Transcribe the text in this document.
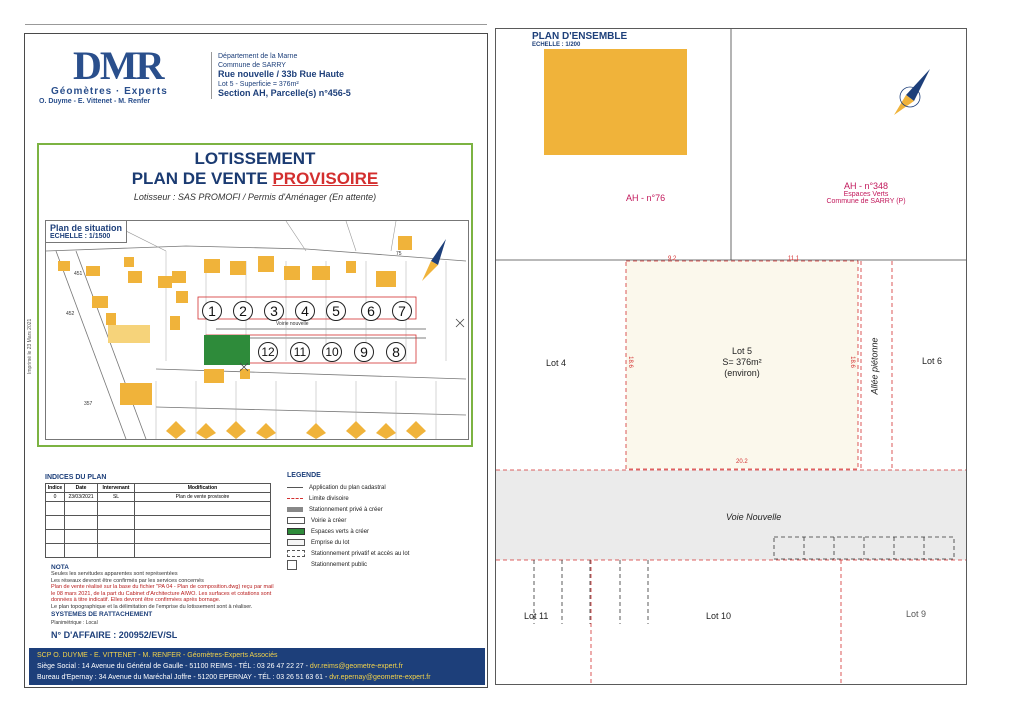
DMR
Géomètres · Experts
O. Duyme - E. Vittenet - M. Renfer
Département de la Marne
Commune de SARRY
Rue nouvelle / 33b Rue Haute
Lot 5 - Superficie = 376m²
Section AH, Parcelle(s) n°456-5
LOTISSEMENT
PLAN DE VENTE PROVISOIRE
Lotisseur : SAS PROMOFI / Permis d'Aménager (En attente)
Plan de situation
ECHELLE : 1/1500
Voirie nouvelle
451
452
357
75
1	2	3	4	5	6	7
12	11	10	9	8
Imprimé le 23 Mars 2021
INDICES DU PLAN
Indice	Date	Intervenant	Modification
0	23/03/2021	SL	Plan de vente provisoire

LEGENDE
Application du plan cadastral
Limite divisoire
Stationnement privé à créer
Voirie à créer
Espaces verts à créer
Emprise du lot
Stationnement privatif et accès au lot
Stationnement public
NOTA
Seules les servitudes apparentes sont représentées
Les réseaux devront être confirmés par les services concernés
Plan de vente réalisé sur la base du fichier "PA 04 - Plan de composition.dwg) reçu par mail
le 08 mars 2021, de la part du Cabinet d'Architecture AIWO. Les surfaces et cotations sont
données à titre indicatif. Elles devront être confirmées après bornage.
Le plan topographique et la délimitation de l'emprise du lotissement sont à réaliser.
SYSTEMES DE RATTACHEMENT
Planimétrique : Local
N° D'AFFAIRE : 200952/EV/SL
SCP O. DUYME - E. VITTENET - M. RENFER - Géomètres-Experts Associés
Siège Social : 14 Avenue du Général de Gaulle - 51100 REIMS - TÉL : 03 26 47 22 27 - dvr.reims@geometre-expert.fr
Bureau d'Epernay : 34 Avenue du Maréchal Joffre - 51200 EPERNAY - TÉL : 03 26 51 63 61 - dvr.epernay@geometre-expert.fr
PLAN D'ENSEMBLE
ECHELLE : 1/200
AH - n°76
AH - n°348
Espaces Verts
Commune de SARRY (P)
9.2	11.1
18.6	18.6
20.2
Lot 4
Lot 5
S= 376m²
(environ)
Lot 6
Allée piétonne
Voie Nouvelle
Lot 11	Lot 10	Lot 9
